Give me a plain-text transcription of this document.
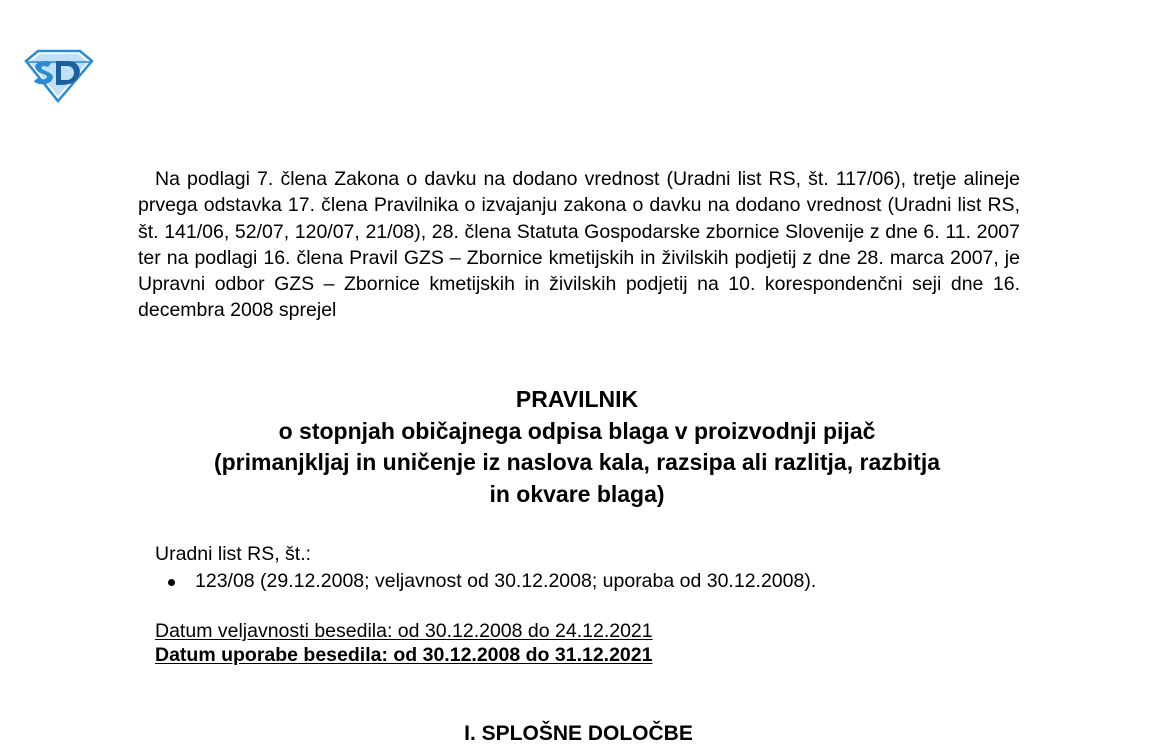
Na podlagi 7. člena Zakona o davku na dodano vrednost (Uradni list RS, št. 117/06), tretje alineje prvega odstavka 17. člena Pravilnika o izvajanju zakona o davku na dodano vrednost (Uradni list RS, št. 141/06, 52/07, 120/07, 21/08), 28. člena Statuta Gospodarske zbornice Slovenije z dne 6. 11. 2007 ter na podlagi 16. člena Pravil GZS – Zbornice kmetijskih in živilskih podjetij z dne 28. marca 2007, je Upravni odbor GZS – Zbornice kmetijskih in živilskih podjetij na 10. korespondenčni seji dne 16. decembra 2008 sprejel

PRAVILNIK
o stopnjah običajnega odpisa blaga v proizvodnji pijač
(primanjkljaj in uničenje iz naslova kala, razsipa ali razlitja, razbitja
in okvare blaga)
Uradni list RS, št.:
123/08 (29.12.2008; veljavnost od 30.12.2008; uporaba od 30.12.2008).
Datum veljavnosti besedila: od 30.12.2008 do 24.12.2021
Datum uporabe besedila: od 30.12.2008 do 31.12.2021
I. SPLOŠNE DOLOČBE
